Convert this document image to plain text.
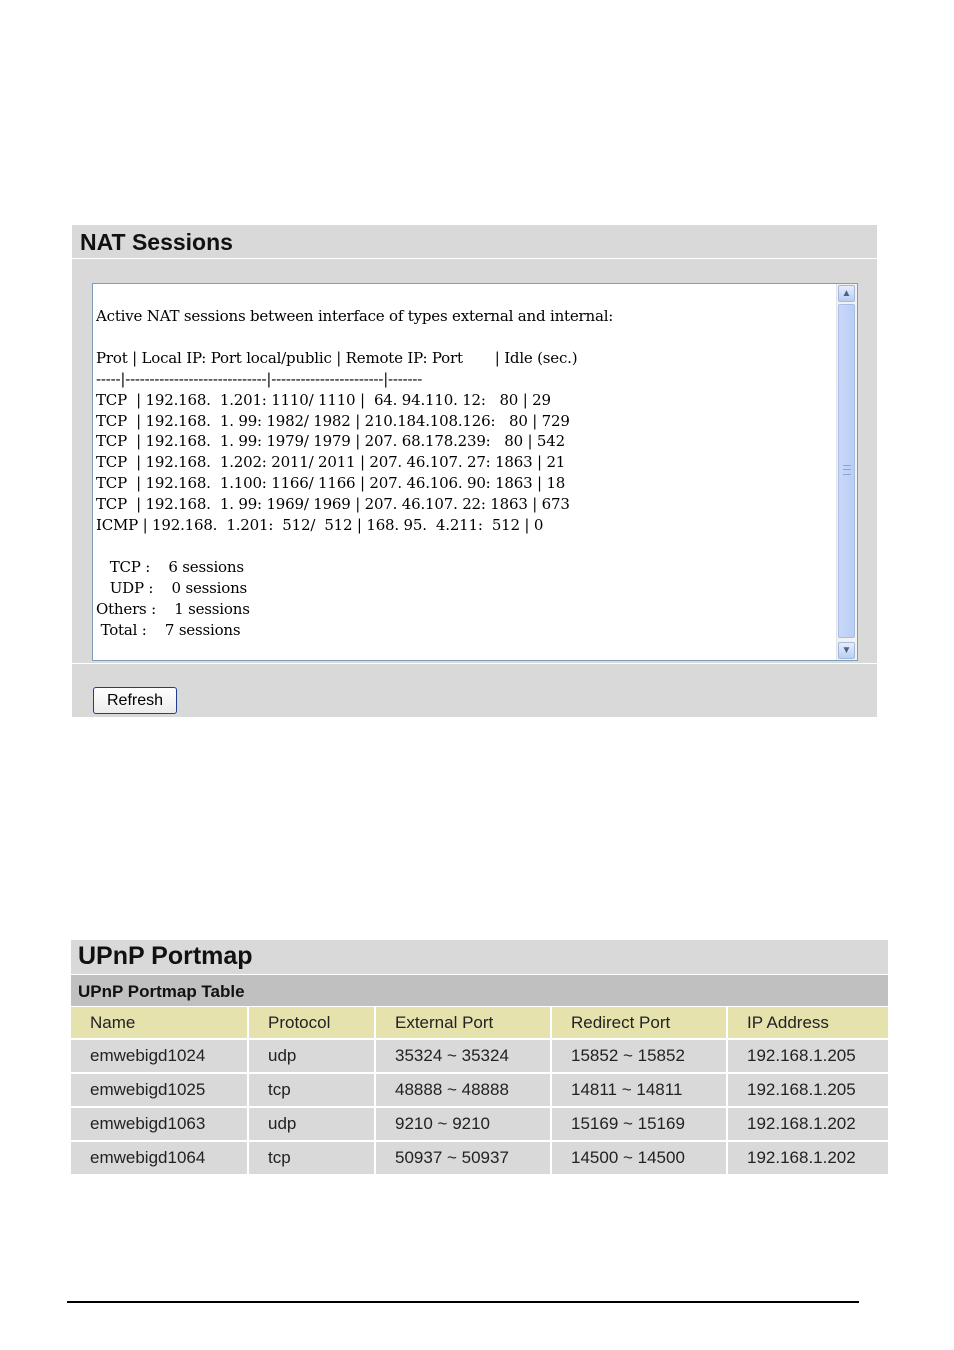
NAT Sessions
Active NAT sessions between interface of types external and internal:

Prot | Local IP: Port local/public | Remote IP: Port       | Idle (sec.)
-----|-----------------------------|-----------------------|-------
TCP  | 192.168.  1.201: 1110/ 1110 |  64. 94.110. 12:   80 | 29
TCP  | 192.168.  1. 99: 1982/ 1982 | 210.184.108.126:   80 | 729
TCP  | 192.168.  1. 99: 1979/ 1979 | 207. 68.178.239:   80 | 542
TCP  | 192.168.  1.202: 2011/ 2011 | 207. 46.107. 27: 1863 | 21
TCP  | 192.168.  1.100: 1166/ 1166 | 207. 46.106. 90: 1863 | 18
TCP  | 192.168.  1. 99: 1969/ 1969 | 207. 46.107. 22: 1863 | 673
ICMP | 192.168.  1.201:  512/  512 | 168. 95.  4.211:  512 | 0

TCP :    6 sessions
UDP :    0 sessions
Others :    1 sessions
Total :    7 sessions
▲
▼
Refresh
UPnP Portmap
UPnP Portmap Table
Name	Protocol	External Port	Redirect Port	IP Address
emwebigd1024	udp	35324 ~ 35324	15852 ~ 15852	192.168.1.205
emwebigd1025	tcp	48888 ~ 48888	14811 ~ 14811	192.168.1.205
emwebigd1063	udp	9210 ~ 9210	15169 ~ 15169	192.168.1.202
emwebigd1064	tcp	50937 ~ 50937	14500 ~ 14500	192.168.1.202
